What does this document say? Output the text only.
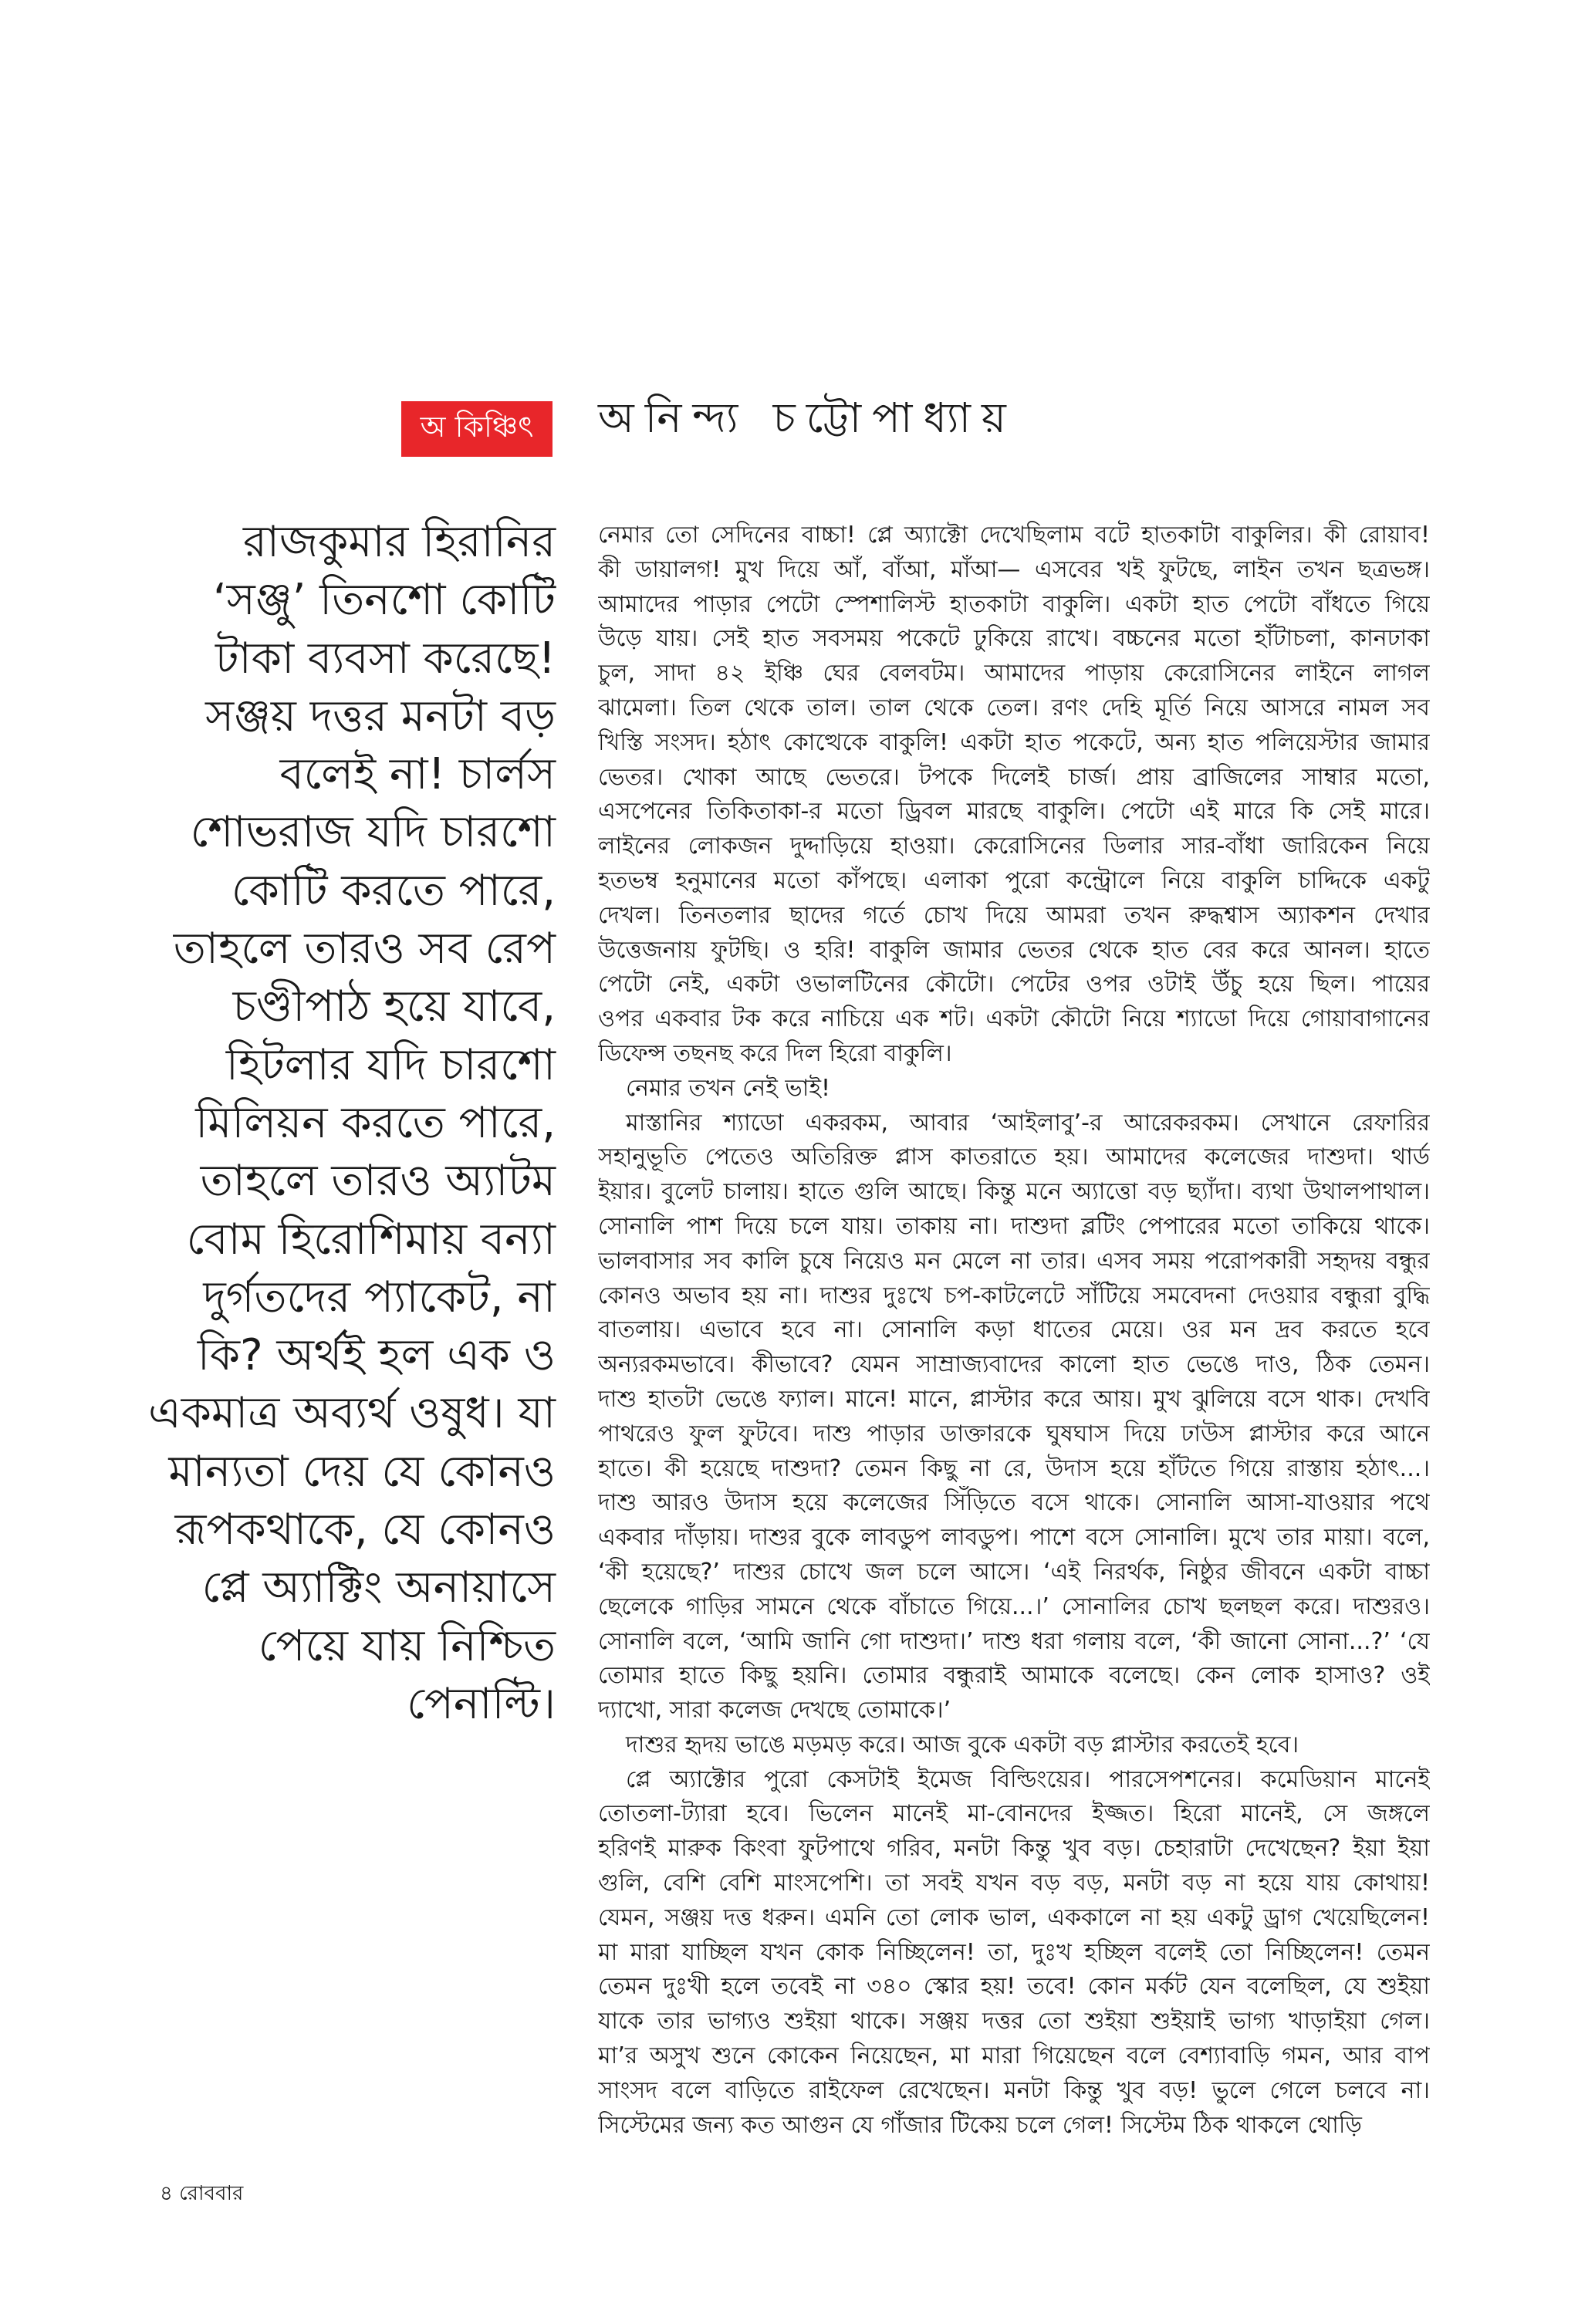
অ কিঞ্চিৎ অনিন্দ্য চট্টোপাধ্যায়
রাজকুমার হিরানির
‘সঞ্জু’ তিনশো কোটি
টাকা ব্যবসা করেছে!
সঞ্জয় দত্তর মনটা বড়
বলেই না! চার্লস
শোভরাজ যদি চারশো
কোটি করতে পারে,
তাহলে তারও সব রেপ
চণ্ডীপাঠ হয়ে যাবে,
হিটলার যদি চারশো
মিলিয়ন করতে পারে,
তাহলে তারও অ্যাটম
বোম হিরোশিমায় বন্যা
দুর্গতদের প্যাকেট, না
কি? অর্থই হল এক ও
একমাত্র অব্যর্থ ওষুধ। যা
মান্যতা দেয় যে কোনও
রূপকথাকে, যে কোনও
প্লে অ্যাক্টিং অনায়াসে
পেয়ে যায় নিশ্চিত
পেনাল্টি।
নেমার তো সেদিনের বাচ্চা! প্লে অ্যাক্টো দেখেছিলাম বটে হাতকাটা বাকুলির। কী রোয়াব!
কী ডায়ালগ! মুখ দিয়ে আঁ, বাঁআ, মাঁআ— এসবের খই ফুটছে, লাইন তখন ছত্রভঙ্গ।
আমাদের পাড়ার পেটো স্পেশালিস্ট হাতকাটা বাকুলি। একটা হাত পেটো বাঁধতে গিয়ে
উড়ে যায়। সেই হাত সবসময় পকেটে ঢুকিয়ে রাখে। বচ্চনের মতো হাঁটাচলা, কানঢাকা
চুল, সাদা ৪২ ইঞ্চি ঘের বেলবটম। আমাদের পাড়ায় কেরোসিনের লাইনে লাগল
ঝামেলা। তিল থেকে তাল। তাল থেকে তেল। রণং দেহি মূর্তি নিয়ে আসরে নামল সব
খিস্তি সংসদ। হঠাৎ কোত্থেকে বাকুলি! একটা হাত পকেটে, অন্য হাত পলিয়েস্টার জামার
ভেতর। খোকা আছে ভেতরে। টপকে দিলেই চার্জ। প্রায় ব্রাজিলের সাম্বার মতো,
এসপেনের তিকিতাকা-র মতো ড্রিবল মারছে বাকুলি। পেটো এই মারে কি সেই মারে।
লাইনের লোকজন দুদ্দাড়িয়ে হাওয়া। কেরোসিনের ডিলার সার-বাঁধা জারিকেন নিয়ে
হতভম্ব হনুমানের মতো কাঁপছে। এলাকা পুরো কন্ট্রোলে নিয়ে বাকুলি চাদ্দিকে একটু
দেখল। তিনতলার ছাদের গর্তে চোখ দিয়ে আমরা তখন রুদ্ধশ্বাস অ্যাকশন দেখার
উত্তেজনায় ফুটছি। ও হরি! বাকুলি জামার ভেতর থেকে হাত বের করে আনল। হাতে
পেটো নেই, একটা ওভালটিনের কৌটো। পেটের ওপর ওটাই উঁচু হয়ে ছিল। পায়ের
ওপর একবার টক করে নাচিয়ে এক শট। একটা কৌটো নিয়ে শ্যাডো দিয়ে গোয়াবাগানের
ডিফেন্স তছনছ করে দিল হিরো বাকুলি।
নেমার তখন নেই ভাই!
মাস্তানির শ্যাডো একরকম, আবার ‘আইলাবু’-র আরেকরকম। সেখানে রেফারির
সহানুভূতি পেতেও অতিরিক্ত প্লাস কাতরাতে হয়। আমাদের কলেজের দাশুদা। থার্ড
ইয়ার। বুলেট চালায়। হাতে গুলি আছে। কিন্তু মনে অ্যাত্তো বড় ছ্যাঁদা। ব্যথা উথালপাথাল।
সোনালি পাশ দিয়ে চলে যায়। তাকায় না। দাশুদা ব্লটিং পেপারের মতো তাকিয়ে থাকে।
ভালবাসার সব কালি চুষে নিয়েও মন মেলে না তার। এসব সময় পরোপকারী সহৃদয় বন্ধুর
কোনও অভাব হয় না। দাশুর দুঃখে চপ-কাটলেটে সাঁটিয়ে সমবেদনা দেওয়ার বন্ধুরা বুদ্ধি
বাতলায়। এভাবে হবে না। সোনালি কড়া ধাতের মেয়ে। ওর মন দ্রব করতে হবে
অন্যরকমভাবে। কীভাবে? যেমন সাম্রাজ্যবাদের কালো হাত ভেঙে দাও, ঠিক তেমন।
দাশু হাতটা ভেঙে ফ্যাল। মানে! মানে, প্লাস্টার করে আয়। মুখ ঝুলিয়ে বসে থাক। দেখবি
পাথরেও ফুল ফুটবে। দাশু পাড়ার ডাক্তারকে ঘুষঘাস দিয়ে ঢাউস প্লাস্টার করে আনে
হাতে। কী হয়েছে দাশুদা? তেমন কিছু না রে, উদাস হয়ে হাঁটতে গিয়ে রাস্তায় হঠাৎ...।
দাশু আরও উদাস হয়ে কলেজের সিঁড়িতে বসে থাকে। সোনালি আসা-যাওয়ার পথে
একবার দাঁড়ায়। দাশুর বুকে লাবডুপ লাবডুপ। পাশে বসে সোনালি। মুখে তার মায়া। বলে,
‘কী হয়েছে?’ দাশুর চোখে জল চলে আসে। ‘এই নিরর্থক, নিষ্ঠুর জীবনে একটা বাচ্চা
ছেলেকে গাড়ির সামনে থেকে বাঁচাতে গিয়ে...।’ সোনালির চোখ ছলছল করে। দাশুরও।
সোনালি বলে, ‘আমি জানি গো দাশুদা।’ দাশু ধরা গলায় বলে, ‘কী জানো সোনা...?’ ‘যে
তোমার হাতে কিছু হয়নি। তোমার বন্ধুরাই আমাকে বলেছে। কেন লোক হাসাও? ওই
দ্যাখো, সারা কলেজ দেখছে তোমাকে।’
দাশুর হৃদয় ভাঙে মড়মড় করে। আজ বুকে একটা বড় প্লাস্টার করতেই হবে।
প্লে অ্যাক্টোর পুরো কেসটাই ইমেজ বিল্ডিংয়ের। পারসেপশনের। কমেডিয়ান মানেই
তোতলা-ট্যারা হবে। ভিলেন মানেই মা-বোনদের ইজ্জত। হিরো মানেই, সে জঙ্গলে
হরিণই মারুক কিংবা ফুটপাথে গরিব, মনটা কিন্তু খুব বড়। চেহারাটা দেখেছেন? ইয়া ইয়া
গুলি, বেশি বেশি মাংসপেশি। তা সবই যখন বড় বড়, মনটা বড় না হয়ে যায় কোথায়!
যেমন, সঞ্জয় দত্ত ধরুন। এমনি তো লোক ভাল, এককালে না হয় একটু ড্রাগ খেয়েছিলেন!
মা মারা যাচ্ছিল যখন কোক নিচ্ছিলেন! তা, দুঃখ হচ্ছিল বলেই তো নিচ্ছিলেন! তেমন
তেমন দুঃখী হলে তবেই না ৩৪০ স্কোর হয়! তবে! কোন মর্কট যেন বলেছিল, যে শুইয়া
যাকে তার ভাগ্যও শুইয়া থাকে। সঞ্জয় দত্তর তো শুইয়া শুইয়াই ভাগ্য খাড়াইয়া গেল।
মা’র অসুখ শুনে কোকেন নিয়েছেন, মা মারা গিয়েছেন বলে বেশ্যাবাড়ি গমন, আর বাপ
সাংসদ বলে বাড়িতে রাইফেল রেখেছেন। মনটা কিন্তু খুব বড়! ভুলে গেলে চলবে না।
সিস্টেমের জন্য কত আগুন যে গাঁজার টিকেয় চলে গেল! সিস্টেম ঠিক থাকলে থোড়ি
৪ রোববার
